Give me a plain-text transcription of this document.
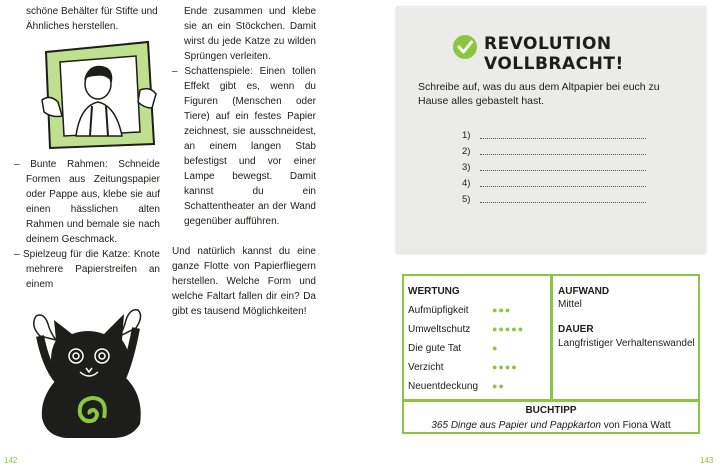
schöne Behälter für Stifte und

Ähnliches herstellen.

– Bunte Rahmen: Schneide Formen aus Zeitungspapier oder Pappe aus, klebe sie auf einen hässlichen alten Rahmen und bemale sie nach deinem Geschmack.

– Spielzeug für die Katze: Knote mehrere Papierstreifen an einem

Ende zusammen und klebe sie an ein Stöckchen. Damit wirst du jede Katze zu wilden Sprüngen verleiten.

– Schattenspiele: Einen tollen Effekt gibt es, wenn du Figuren (Menschen oder Tiere) auf ein festes Papier zeichnest, sie ausschneidest, an einem langen Stab befestigst und vor einer Lampe bewegst. Damit kannst du ein Schattentheater an der Wand gegenüber aufführen.

Und natürlich kannst du eine ganze Flotte von Papierfliegern herstellen. Welche Form und welche Faltart fallen dir ein? Da gibt es tausend Möglichkeiten!

142
REVOLUTION VOLLBRACHT!
Schreibe auf, was du aus dem Altpapier bei euch zu Hause alles gebastelt hast.
1)
2)
3)
4)
5)
WERTUNG
Aufmüpfigkeit	●●●
Umweltschutz ●●●●●
Die gute Tat	●
Verzicht	●●●●
Neuentdeckung ●●
AUFWAND
Mittel
DAUER
Langfristiger Verhaltenswandel
BUCHTIPP
365 Dinge aus Papier und Pappkarton von Fiona Watt
143
